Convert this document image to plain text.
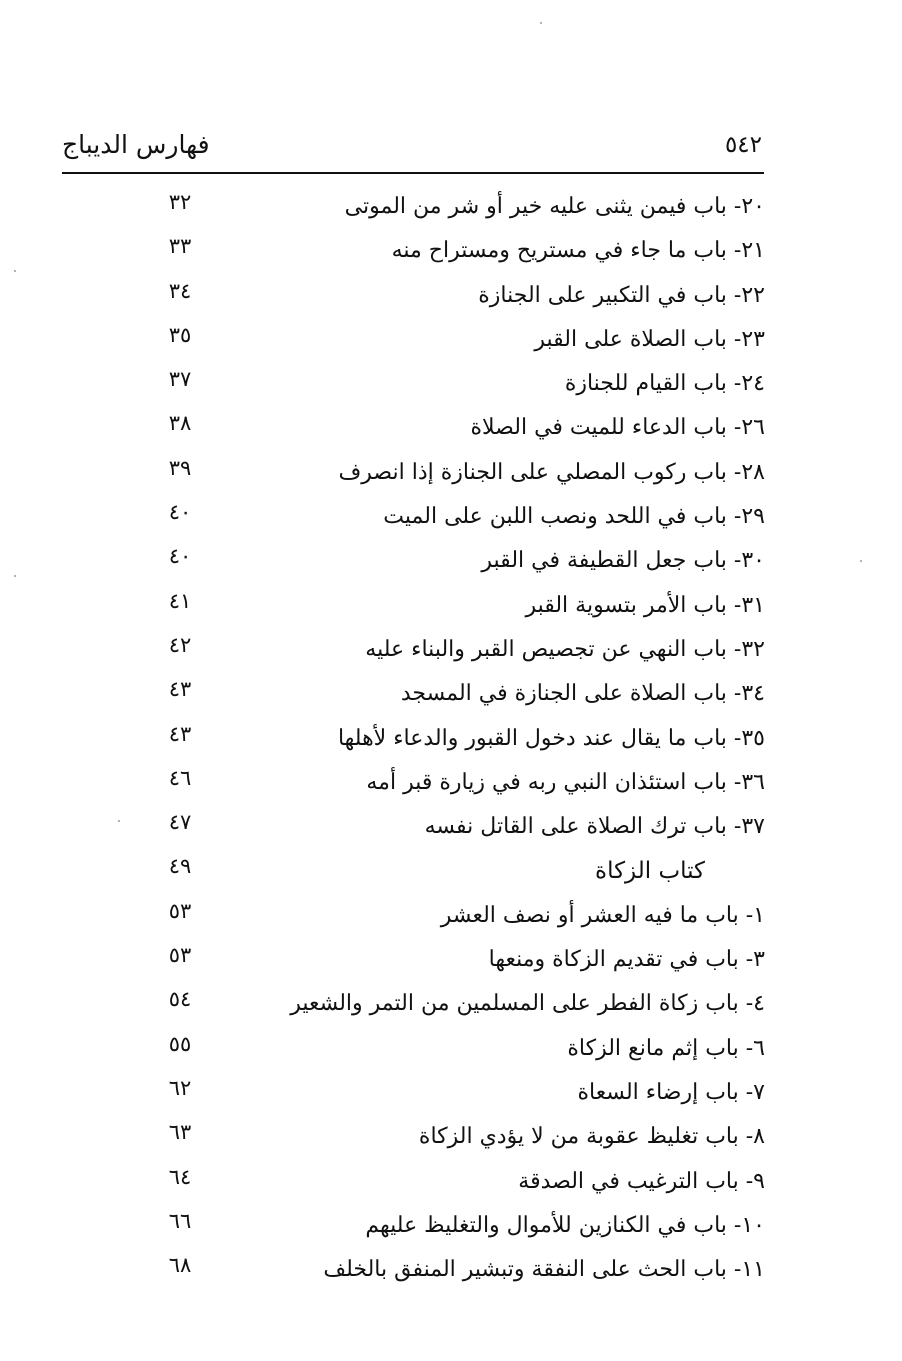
فهارس الديباج	٥٤٢
٢٠- باب فيمن يثنى عليه خير أو شر من الموتى
٣٢
٢١- باب ما جاء في مستريح ومستراح منه
٣٣
٢٢- باب في التكبير على الجنازة
٣٤
٢٣- باب الصلاة على القبر
٣٥
٢٤- باب القيام للجنازة
٣٧
٢٦- باب الدعاء للميت في الصلاة
٣٨
٢٨- باب ركوب المصلي على الجنازة إذا انصرف
٣٩
٢٩- باب في اللحد ونصب اللبن على الميت
٤٠
٣٠- باب جعل القطيفة في القبر
٤٠
٣١- باب الأمر بتسوية القبر
٤١
٣٢- باب النهي عن تجصيص القبر والبناء عليه
٤٢
٣٤- باب الصلاة على الجنازة في المسجد
٤٣
٣٥- باب ما يقال عند دخول القبور والدعاء لأهلها
٤٣
٣٦- باب استئذان النبي ربه في زيارة قبر أمه
٤٦
٣٧- باب ترك الصلاة على القاتل نفسه
٤٧
كتاب الزكاة
٤٩
١- باب ما فيه العشر أو نصف العشر
٥٣
٣- باب في تقديم الزكاة ومنعها
٥٣
٤- باب زكاة الفطر على المسلمين من التمر والشعير
٥٤
٦- باب إثم مانع الزكاة
٥٥
٧- باب إرضاء السعاة
٦٢
٨- باب تغليظ عقوبة من لا يؤدي الزكاة
٦٣
٩- باب الترغيب في الصدقة
٦٤
١٠- باب في الكنازين للأموال والتغليظ عليهم
٦٦
١١- باب الحث على النفقة وتبشير المنفق بالخلف
٦٨
